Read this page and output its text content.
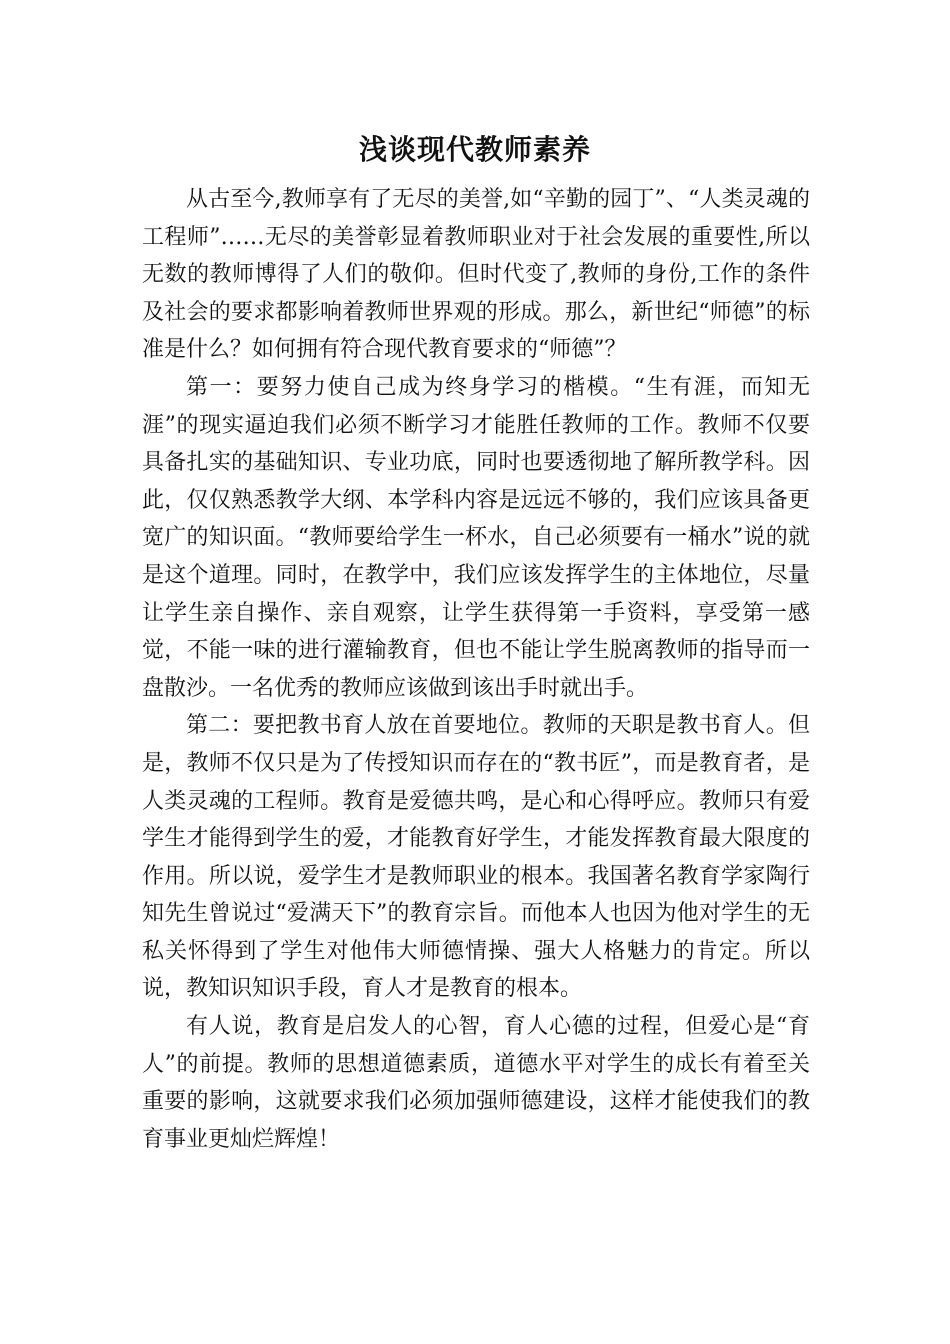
浅谈现代教师素养

从古至今,教师享有了无尽的美誉,如“辛勤的园丁”、“人类灵魂的工程师”……无尽的美誉彰显着教师职业对于社会发展的重要性,所以无数的教师博得了人们的敬仰。但时代变了,教师的身份,工作的条件及社会的要求都影响着教师世界观的形成。那么，新世纪“师德”的标准是什么？如何拥有符合现代教育要求的“师德”？

第一：要努力使自己成为终身学习的楷模。“生有涯，而知无涯”的现实逼迫我们必须不断学习才能胜任教师的工作。教师不仅要具备扎实的基础知识、专业功底，同时也要透彻地了解所教学科。因此，仅仅熟悉教学大纲、本学科内容是远远不够的，我们应该具备更宽广的知识面。“教师要给学生一杯水，自己必须要有一桶水”说的就是这个道理。同时，在教学中，我们应该发挥学生的主体地位，尽量让学生亲自操作、亲自观察，让学生获得第一手资料，享受第一感觉，不能一味的进行灌输教育，但也不能让学生脱离教师的指导而一盘散沙。一名优秀的教师应该做到该出手时就出手。

第二：要把教书育人放在首要地位。教师的天职是教书育人。但是，教师不仅只是为了传授知识而存在的“教书匠”，而是教育者，是人类灵魂的工程师。教育是爱德共鸣，是心和心得呼应。教师只有爱学生才能得到学生的爱，才能教育好学生，才能发挥教育最大限度的作用。所以说，爱学生才是教师职业的根本。我国著名教育学家陶行知先生曾说过“爱满天下”的教育宗旨。而他本人也因为他对学生的无私关怀得到了学生对他伟大师德情操、强大人格魅力的肯定。所以说，教知识知识手段，育人才是教育的根本。

有人说，教育是启发人的心智，育人心德的过程，但爱心是“育人”的前提。教师的思想道德素质，道德水平对学生的成长有着至关重要的影响，这就要求我们必须加强师德建设，这样才能使我们的教育事业更灿烂辉煌！
